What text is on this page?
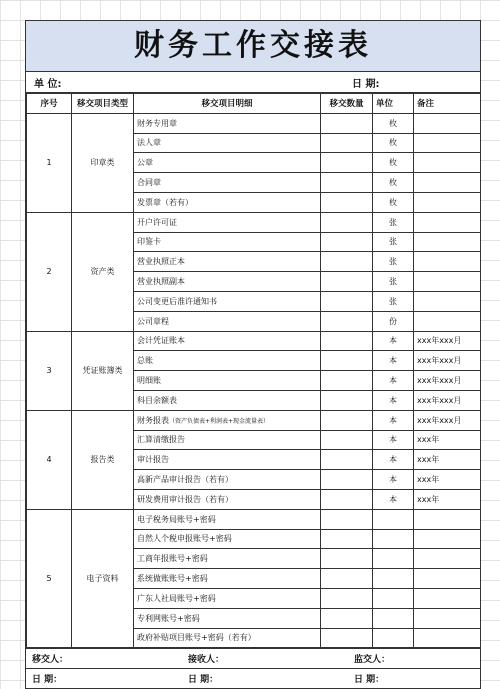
财务工作交接表
单 位:	日 期:
序号	移交项目类型	移交项目明细	移交数量	单位	备注
1	印章类	财务专用章		枚	
		法人章		枚	
		公章		枚	
		合同章		枚	
		发票章（若有）		枚	
2	资产类	开户许可证		张	
		印鉴卡		张	
		营业执照正本		张	
		营业执照副本		张	
		公司变更后准许通知书		张	
		公司章程		份	
3	凭证账簿类	会计凭证账本		本	xxx年xxx月
		总账		本	xxx年xxx月
		明细账		本	xxx年xxx月
		科目余额表		本	xxx年xxx月
4	报告类	财务报表（资产负债表+利润表+现金流量表）		本	xxx年xxx月
		汇算清缴报告		本	xxx年
		审计报告		本	xxx年
		高新产品审计报告（若有）		本	xxx年
		研发费用审计报告（若有）		本	xxx年
5	电子资料	电子税务局账号+密码			
		自然人个税申报账号+密码			
		工商年报账号+密码			
		系统做账账号+密码			
		广东人社局账号+密码			
		专利网账号+密码			
		政府补贴项目账号+密码（若有）			
移交人：	接收人：	监交人：
日 期：	日 期：	日 期：
